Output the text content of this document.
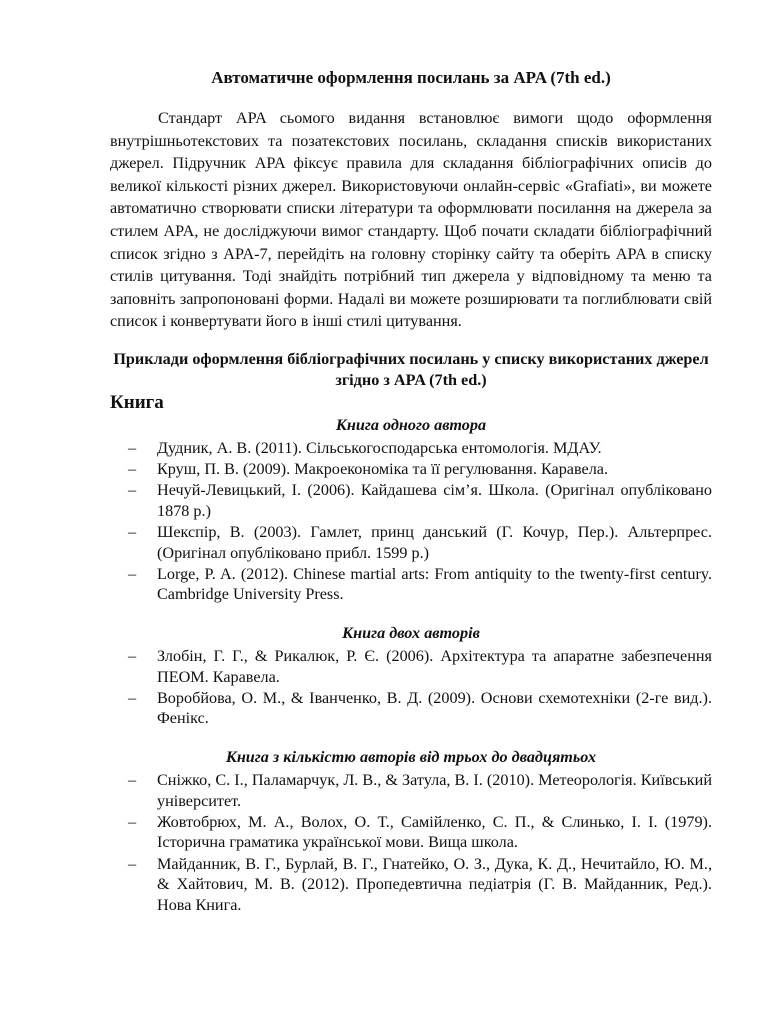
Автоматичне оформлення посилань за APA (7th ed.)

Стандарт APA сьомого видання встановлює вимоги щодо оформлення внутрішньотекстових та позатекстових посилань, складання списків використаних джерел. Підручник APA фіксує правила для складання бібліографічних описів до великої кількості різних джерел. Використовуючи онлайн-сервіс «Grafiati», ви можете автоматично створювати списки літератури та оформлювати посилання на джерела за стилем APA, не досліджуючи вимог стандарту. Щоб почати складати бібліографічний список згідно з APA-7, перейдіть на головну сторінку сайту та оберіть APA в списку стилів цитування. Тоді знайдіть потрібний тип джерела у відповідному та меню та заповніть запропоновані форми. Надалі ви можете розширювати та поглиблювати свій список і конвертувати його в інші стилі цитування.

Приклади оформлення бібліографічних посилань у списку використаних джерел згідно з APA (7th ed.)

Книга
Книга одного автора
– Дудник, А. В. (2011). Сільськогосподарська ентомологія. МДАУ.
– Круш, П. В. (2009). Макроекономіка та її регулювання. Каравела.
– Нечуй-Левицький, І. (2006). Кайдашева сім’я. Школа. (Оригінал опубліковано 1878 р.)
– Шекспір, В. (2003). Гамлет, принц данський (Г. Кочур, Пер.). Альтерпрес. (Оригінал опубліковано прибл. 1599 р.)
– Lorge, P. A. (2012). Chinese martial arts: From antiquity to the twenty-first century. Cambridge University Press.
Книга двох авторів
– Злобін, Г. Г., & Рикалюк, Р. Є. (2006). Архітектура та апаратне забезпечення ПЕОМ. Каравела.
– Воробйова, О. М., & Іванченко, В. Д. (2009). Основи схемотехніки (2-ге вид.). Фенікс.
Книга з кількістю авторів від трьох до двадцятьох
– Сніжко, С. І., Паламарчук, Л. В., & Затула, В. І. (2010). Метеорологія. Київський університет.
– Жовтобрюх, М. А., Волох, О. Т., Самійленко, С. П., & Слинько, І. І. (1979). Історична граматика української мови. Вища школа.
– Майданник, В. Г., Бурлай, В. Г., Гнатейко, О. З., Дука, К. Д., Нечитайло, Ю. М., & Хайтович, М. В. (2012). Пропедевтична педіатрія (Г. В. Майданник, Ред.). Нова Книга.
